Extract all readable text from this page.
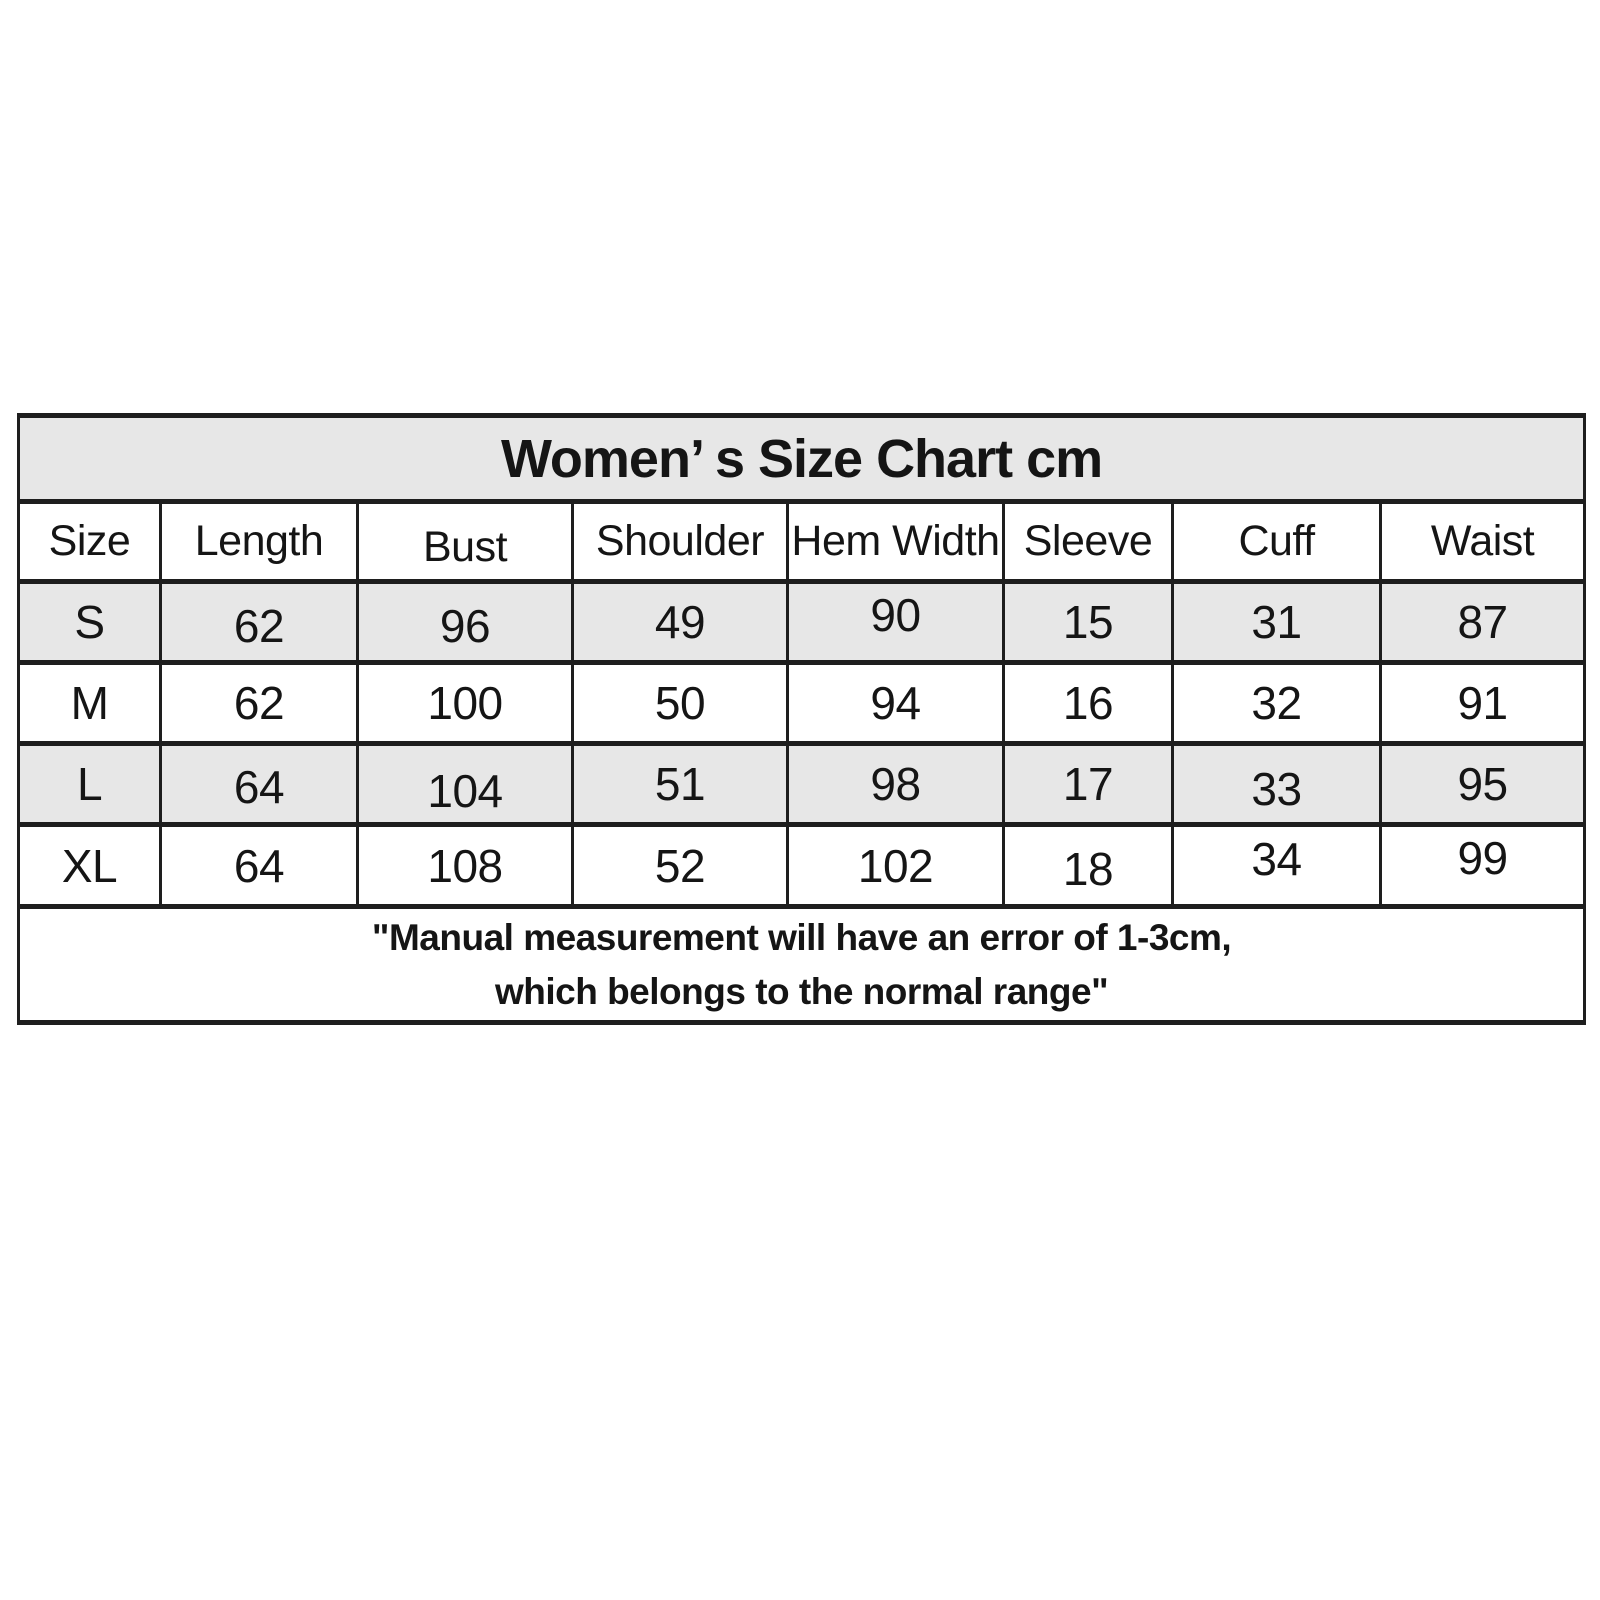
Women’ s Size Chart cm							
Size	Length	Bust	Shoulder	Hem Width	Sleeve	Cuff	Waist
S	62	96	49	90	15	31	87
M	62	100	50	94	16	32	91
L	64	104	51	98	17	33	95
XL	64	108	52	102	18	34	99

"Manual measurement will have an error of 1-3cm,
which belongs to the normal range"							
